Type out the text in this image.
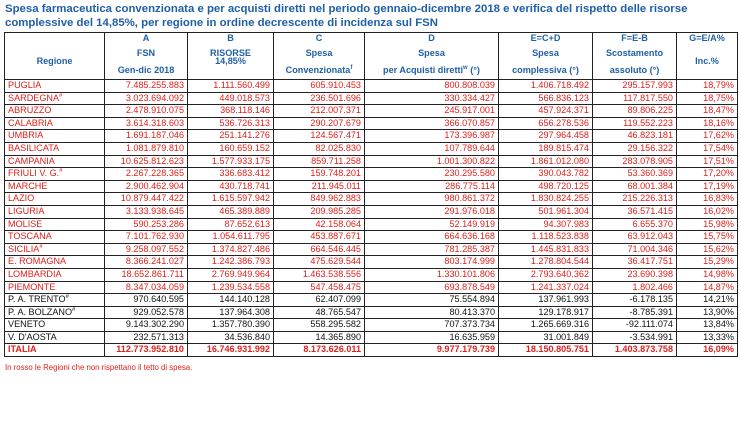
Spesa farmaceutica convenzionata e per acquisti diretti nel periodo gennaio-dicembre 2018 e verifica del rispetto delle risorse
complessive del 14,85%, per regione in ordine decrescente di incidenza sul FSN
	A	B	C	D	E=C+D	F=E-B	G=E/A%
	FSN	RISORSE	Spesa	Spesa	Spesa	Scostamento	
Regione	Gen-dic 2018	14,85%	Convenzionata$^f$	per Acquisti diretti$^w$ (°)	complessiva (°)	assoluto (°)	Inc.%
PUGLIA	7.485.255.883	1.111.560.499	605.910.453	800.808.039	1.406.718.492	295.157.993	18,79%
SARDEGNA#	3.023.694.092	449.018.573	236.501.696	330.334.427	566.836.123	117.817.550	18,75%
ABRUZZO	2.478.910.075	368.118.146	212.007.371	245.917.001	457.924.371	89.806.225	18,47%
CALABRIA	3.614.318.603	536.726.313	290.207.679	366.070.857	656.278.536	119.552.223	18,16%
UMBRIA	1.691.187.046	251.141.276	124.567.471	173.396.987	297.964.458	46.823.181	17,62%
BASILICATA	1.081.879.810	160.659.152	82.025.830	107.789.644	189.815.474	29.156.322	17,54%
CAMPANIA	10.625.812.623	1.577.933.175	859.711.258	1.001.300.822	1.861.012.080	283.078.905	17,51%
FRIULI V. G.#	2.267.228.365	336.683.412	159.748.201	230.295.580	390.043.782	53.360.369	17,20%
MARCHE	2.900.462.904	430.718.741	211.945.011	286.775.114	498.720.125	68.001.384	17,19%
LAZIO	10.879.447.422	1.615.597.942	849.962.883	980.861.372	1.830.824.255	215.226.313	16,83%
LIGURIA	3.133.938.645	465.389.889	209.985.285	291.976.018	501.961.304	36.571.415	16,02%
MOLISE	590.253.286	87.652.613	42.158.064	52.149.919	94.307.983	6.655.370	15,98%
TOSCANA	7.101.762.930	1.054.611.795	453.887.671	664.636.168	1.118.523.838	63.912.043	15,75%
SICILIA#	9.258.097.552	1.374.827.486	664.546.445	781.285.387	1.445.831.833	71.004.346	15,62%
E. ROMAGNA	8.366.241.027	1.242.386.793	475.629.544	803.174.999	1.278.804.544	36.417.751	15,29%
LOMBARDIA	18.652.861.711	2.769.949.964	1.463.538.556	1.330.101.806	2.793.640.362	23.690.398	14,98%
PIEMONTE	8.347.034.059	1.239.534.558	547.458.475	693.878.549	1.241.337.024	1.802.466	14,87%
P. A. TRENTO#	970.640.595	144.140.128	62.407.099	75.554.894	137.961.993	-6.178.135	14,21%
P. A. BOLZANO#	929.052.578	137.964.308	48.765.547	80.413.370	129.178.917	-8.785.391	13,90%
VENETO	9.143.302.290	1.357.780.390	558.295.582	707.373.734	1.265.669.316	-92.111.074	13,84%
V. D'AOSTA	232.571.313	34.536.840	14.365.890	16.635.959	31.001.849	-3.534.991	13,33%
ITALIA	112.773.952.810	16.746.931.992	8.173.626.011	9.977.179.739	18.150.805.751	1.403.873.758	16,09%
In rosso le Regioni che non rispettano il tetto di spesa.
